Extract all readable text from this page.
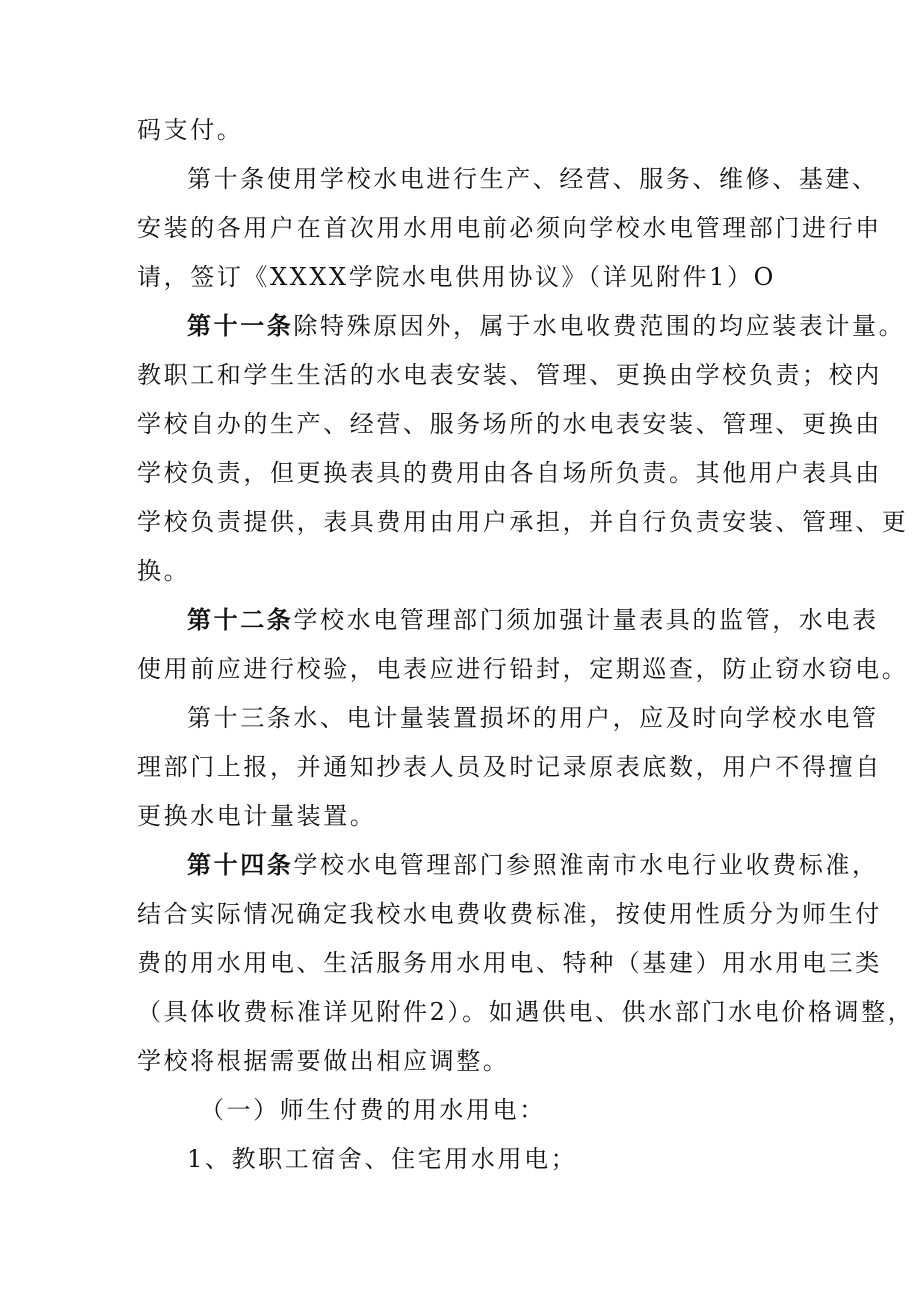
码支付。
第十条使用学校水电进行生产、经营、服务、维修、基建、
安装的各用户在首次用水用电前必须向学校水电管理部门进行申
请，签订《XXXX学院水电供用协议》（详见附件1）O
第十一条除特殊原因外，属于水电收费范围的均应装表计量。
教职工和学生生活的水电表安装、管理、更换由学校负责；校内
学校自办的生产、经营、服务场所的水电表安装、管理、更换由
学校负责，但更换表具的费用由各自场所负责。其他用户表具由
学校负责提供，表具费用由用户承担，并自行负责安装、管理、更
换。
第十二条学校水电管理部门须加强计量表具的监管，水电表
使用前应进行校验，电表应进行铅封，定期巡查，防止窃水窃电。
第十三条水、电计量装置损坏的用户，应及时向学校水电管
理部门上报，并通知抄表人员及时记录原表底数，用户不得擅自
更换水电计量装置。
第十四条学校水电管理部门参照淮南市水电行业收费标准，
结合实际情况确定我校水电费收费标准，按使用性质分为师生付
费的用水用电、生活服务用水用电、特种（基建）用水用电三类
（具体收费标准详见附件2）。如遇供电、供水部门水电价格调整，
学校将根据需要做出相应调整。
（一）师生付费的用水用电：
1、教职工宿舍、住宅用水用电；
